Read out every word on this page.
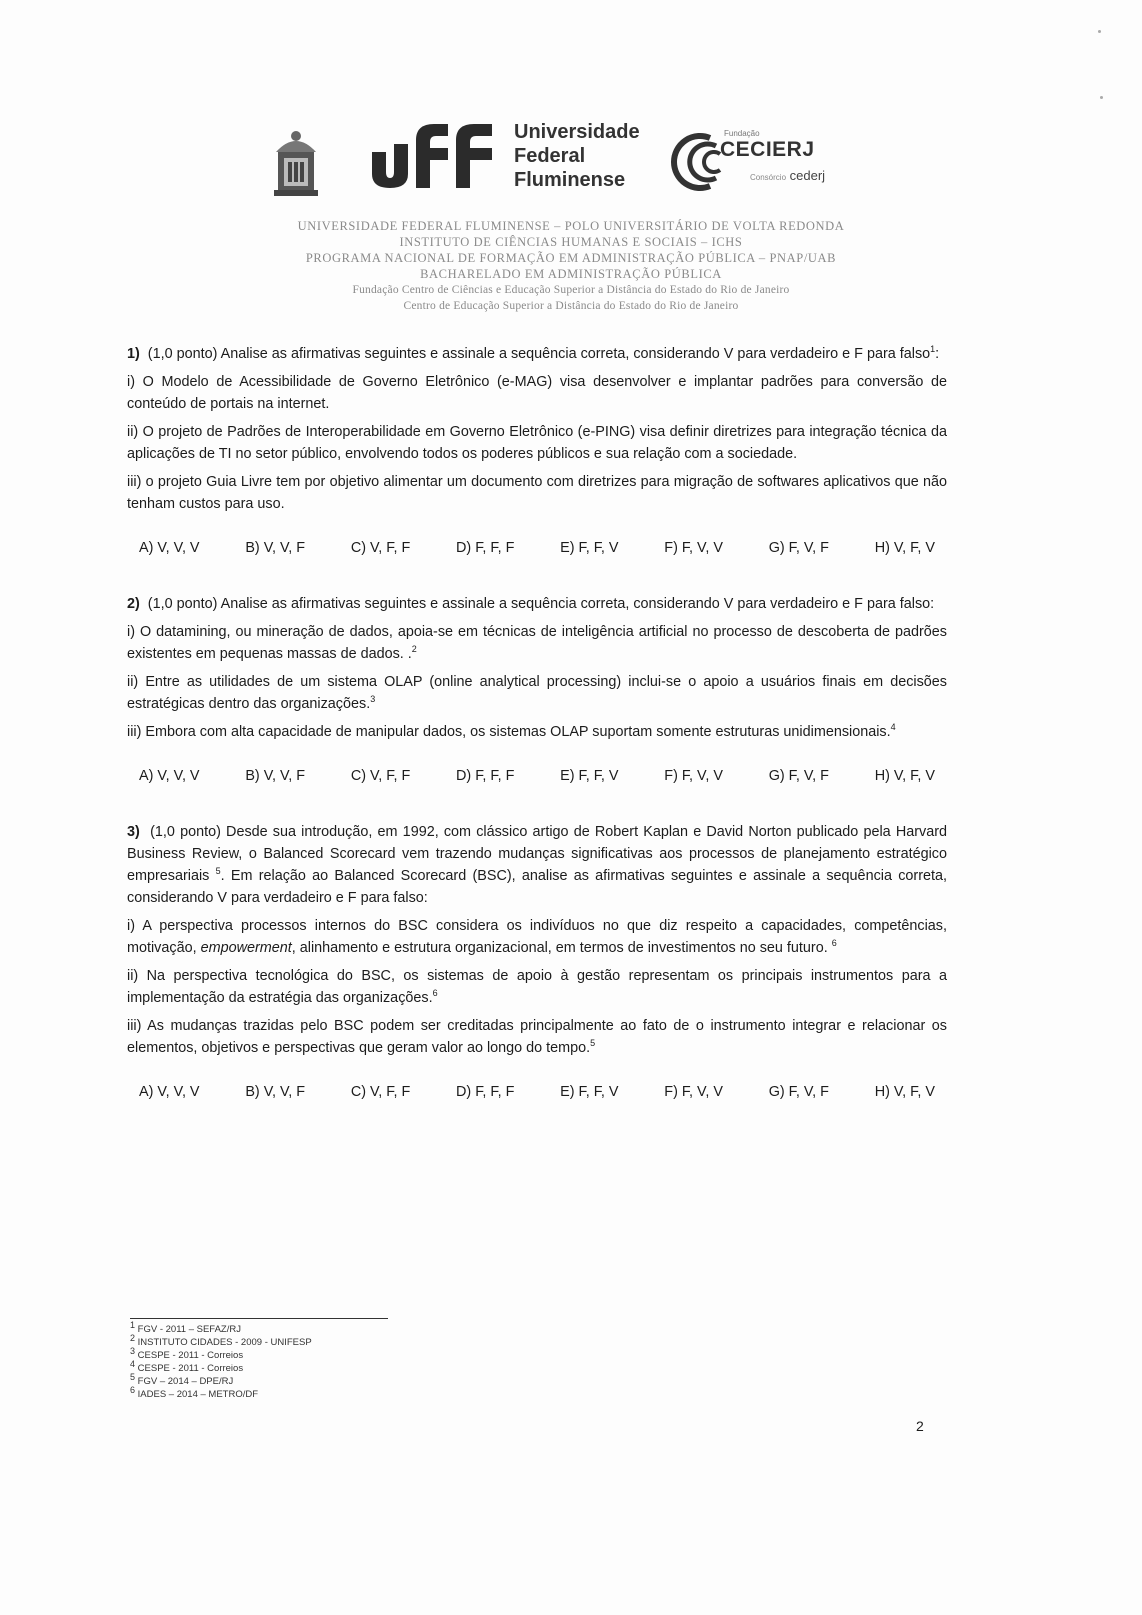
Universidade
Federal
Fluminense
Fundação
CECIERJ
Consórcio cederj
UNIVERSIDADE FEDERAL FLUMINENSE – POLO UNIVERSITÁRIO DE VOLTA REDONDA
INSTITUTO DE CIÊNCIAS HUMANAS E SOCIAIS – ICHS
PROGRAMA NACIONAL DE FORMAÇÃO EM ADMINISTRAÇÃO PÚBLICA – PNAP/UAB
BACHARELADO EM ADMINISTRAÇÃO PÚBLICA
Fundação Centro de Ciências e Educação Superior a Distância do Estado do Rio de Janeiro
Centro de Educação Superior a Distância do Estado do Rio de Janeiro

1) (1,0 ponto) Analise as afirmativas seguintes e assinale a sequência correta, considerando V para verdadeiro e F para falso$^1$:

i) O Modelo de Acessibilidade de Governo Eletrônico (e-MAG) visa desenvolver e implantar padrões para conversão de conteúdo de portais na internet.

ii) O projeto de Padrões de Interoperabilidade em Governo Eletrônico (e-PING) visa definir diretrizes para integração técnica da aplicações de TI no setor público, envolvendo todos os poderes públicos e sua relação com a sociedade.

iii) o projeto Guia Livre tem por objetivo alimentar um documento com diretrizes para migração de softwares aplicativos que não tenham custos para uso.

A) V, V, V	B) V, V, F	C) V, F, F	D) F, F, F	E) F, F, V	F) F, V, V	G) F, V, F	H) V, F, V

2) (1,0 ponto) Analise as afirmativas seguintes e assinale a sequência correta, considerando V para verdadeiro e F para falso:

i) O datamining, ou mineração de dados, apoia-se em técnicas de inteligência artificial no processo de descoberta de padrões existentes em pequenas massas de dados. .$^2$

ii) Entre as utilidades de um sistema OLAP (online analytical processing) inclui-se o apoio a usuários finais em decisões estratégicas dentro das organizações.$^3$

iii) Embora com alta capacidade de manipular dados, os sistemas OLAP suportam somente estruturas unidimensionais.$^4$

A) V, V, V	B) V, V, F	C) V, F, F	D) F, F, F	E) F, F, V	F) F, V, V	G) F, V, F	H) V, F, V

3) (1,0 ponto) Desde sua introdução, em 1992, com clássico artigo de Robert Kaplan e David Norton publicado pela Harvard Business Review, o Balanced Scorecard vem trazendo mudanças significativas aos processos de planejamento estratégico empresariais $^5$. Em relação ao Balanced Scorecard (BSC), analise as afirmativas seguintes e assinale a sequência correta, considerando V para verdadeiro e F para falso:

i) A perspectiva processos internos do BSC considera os indivíduos no que diz respeito a capacidades, competências, motivação, empowerment, alinhamento e estrutura organizacional, em termos de investimentos no seu futuro. $^6$

ii) Na perspectiva tecnológica do BSC, os sistemas de apoio à gestão representam os principais instrumentos para a implementação da estratégia das organizações.$^6$

iii) As mudanças trazidas pelo BSC podem ser creditadas principalmente ao fato de o instrumento integrar e relacionar os elementos, objetivos e perspectivas que geram valor ao longo do tempo.$^5$

A) V, V, V	B) V, V, F	C) V, F, F	D) F, F, F	E) F, F, V	F) F, V, V	G) F, V, F	H) V, F, V
$^1$ FGV - 2011 – SEFAZ/RJ
$^2$ INSTITUTO CIDADES - 2009 - UNIFESP
$^3$ CESPE - 2011 - Correios
$^4$ CESPE - 2011 - Correios
$^5$ FGV – 2014 – DPE/RJ
$^6$ IADES – 2014 – METRO/DF
2
